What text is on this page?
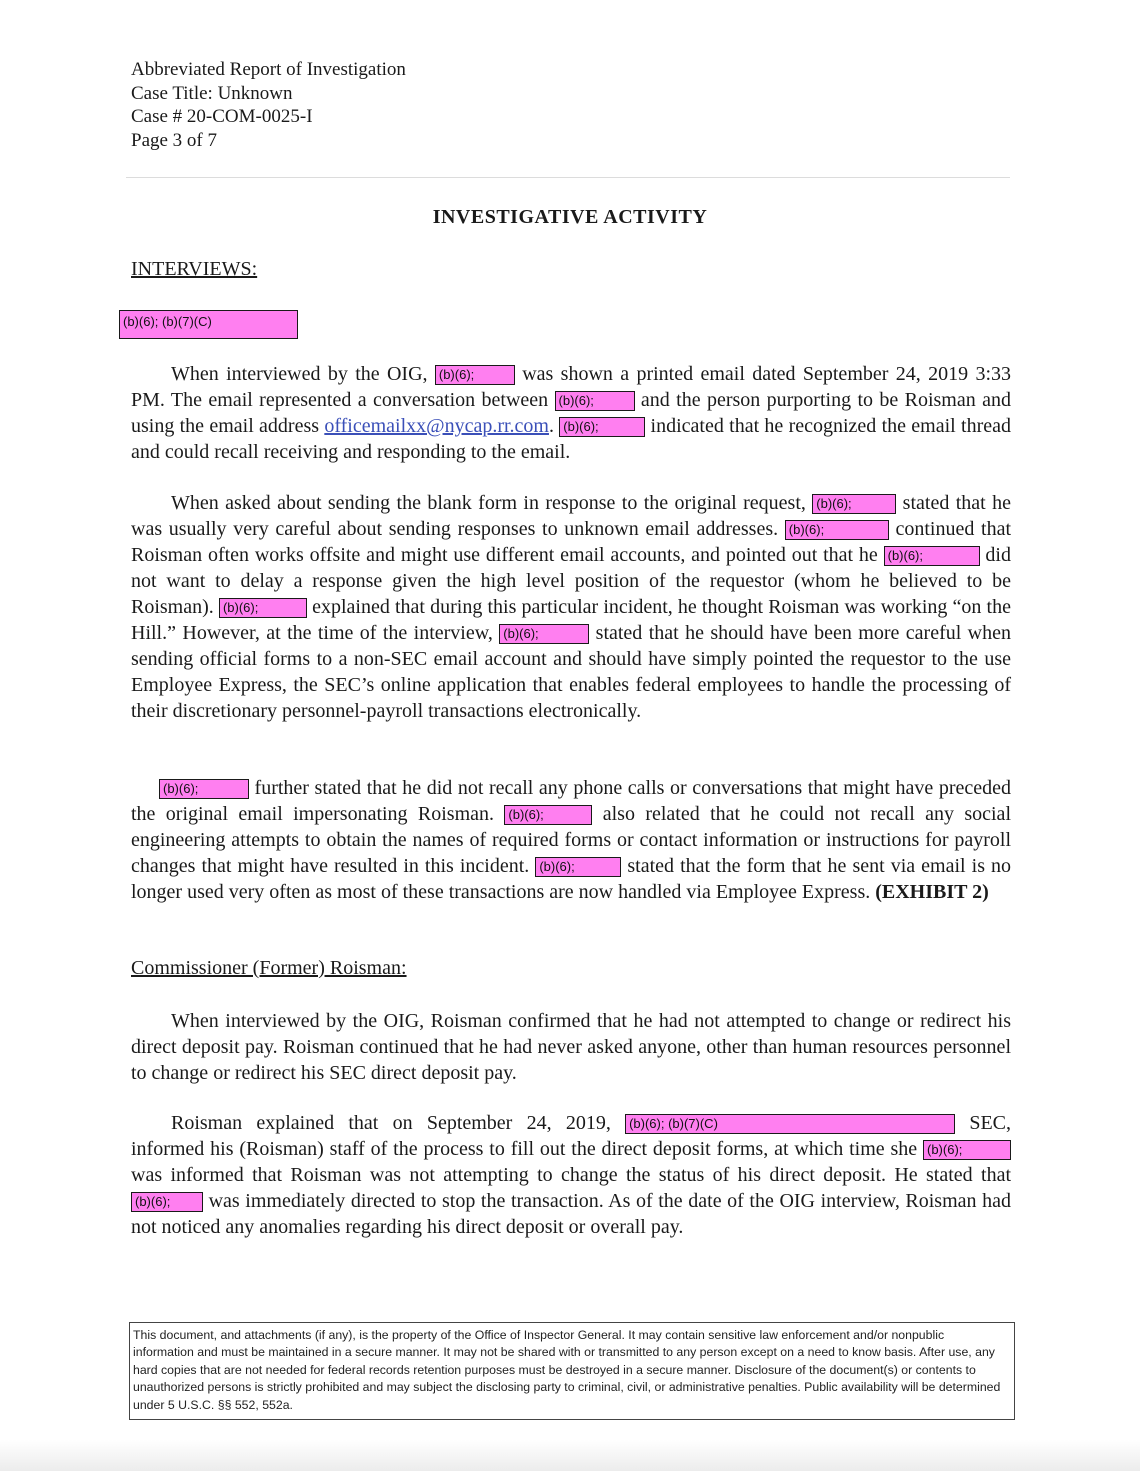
Abbreviated Report of Investigation
Case Title: Unknown
Case # 20-COM-0025-I
Page 3 of 7
INVESTIGATIVE ACTIVITY
INTERVIEWS:
(b)(6); (b)(7)(C)

When interviewed by the OIG, (b)(6); was shown a printed email dated September 24, 2019 3:33 PM. The email represented a conversation between (b)(6); and the person purporting to be Roisman and using the email address officemailxx@nycap.rr.com. (b)(6); indicated that he recognized the email thread and could recall receiving and responding to the email.

When asked about sending the blank form in response to the original request, (b)(6); stated that he was usually very careful about sending responses to unknown email addresses. (b)(6);	continued that Roisman often works offsite and might use different email accounts, and pointed out that he (b)(6);	did not want to delay a response given the high level position of the requestor (whom he believed to be Roisman). (b)(6); explained that during this particular incident, he thought Roisman was working “on the Hill.” However, at the time of the interview, (b)(6);	stated that he should have been more careful when sending official forms to a non-SEC email account and should have simply pointed the requestor to the use Employee Express, the SEC’s online application that enables federal employees to handle the processing of their discretionary personnel-payroll transactions electronically.

(b)(6);	further stated that he did not recall any phone calls or conversations that might have preceded the original email impersonating Roisman. (b)(6); also related that he could not recall any social engineering attempts to obtain the names of required forms or contact information or instructions for payroll changes that might have resulted in this incident. (b)(6); stated that the form that he sent via email is no longer used very often as most of these transactions are now handled via Employee Express. (EXHIBIT 2)

Commissioner (Former) Roisman:

When interviewed by the OIG, Roisman confirmed that he had not attempted to change or redirect his direct deposit pay. Roisman continued that he had never asked anyone, other than human resources personnel to change or redirect his SEC direct deposit pay.

Roisman explained that on September 24, 2019, (b)(6); (b)(7)(C)	SEC, informed his (Roisman) staff of the process to fill out the direct deposit forms, at which time she (b)(6); was informed that Roisman was not attempting to change the status of his direct deposit. He stated that (b)(6); was immediately directed to stop the transaction. As of the date of the OIG interview, Roisman had not noticed any anomalies regarding his direct deposit or overall pay.

This document, and attachments (if any), is the property of the Office of Inspector General. It may contain sensitive law enforcement and/or nonpublic information and must be maintained in a secure manner. It may not be shared with or transmitted to any person except on a need to know basis. After use, any hard copies that are not needed for federal records retention purposes must be destroyed in a secure manner. Disclosure of the document(s) or contents to unauthorized persons is strictly prohibited and may subject the disclosing party to criminal, civil, or administrative penalties. Public availability will be determined under 5 U.S.C. §§ 552, 552a.
